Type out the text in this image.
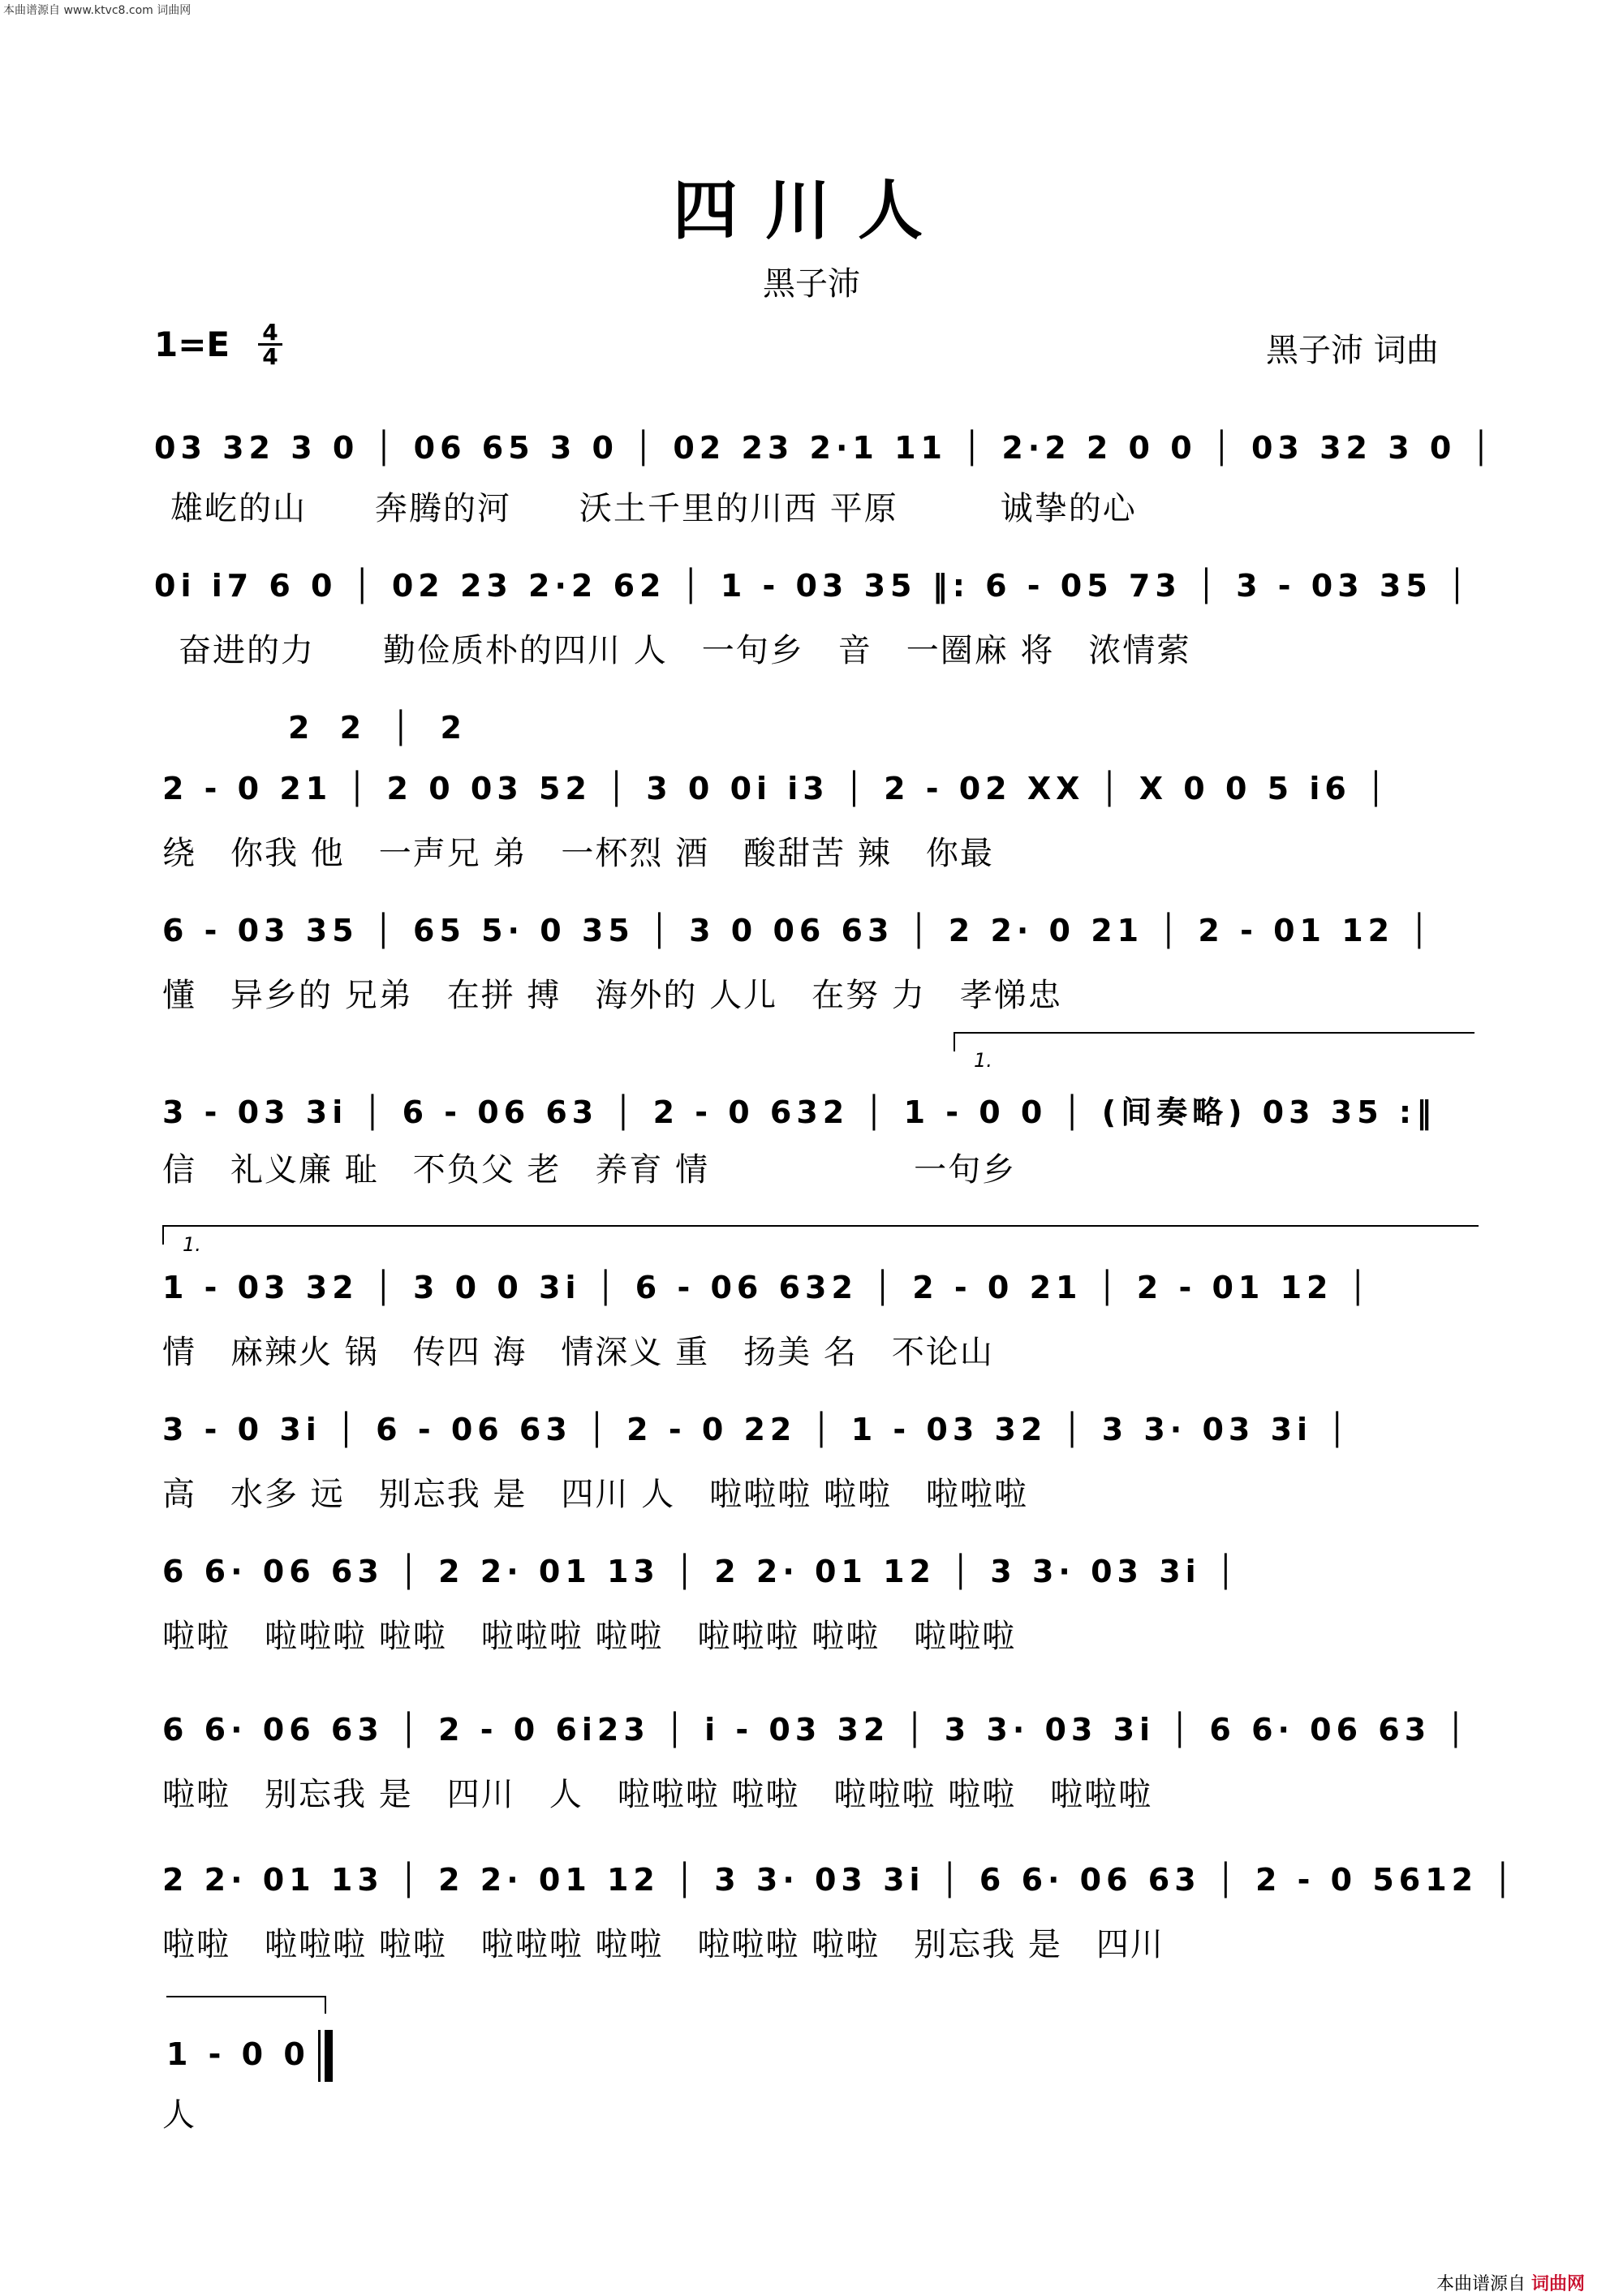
本曲谱源自 www.ktvc8.com 词曲网
四川人
黑子沛
1=E 4
4	黑子沛 词曲
03 32 3 0 │ 06 65 3 0 │ 02 23 2·1 11 │ 2·2 2 0 0 │ 03 32 3 0 │
雄屹的山　　奔腾的河　　沃土千里的川西 平原　　　诚挚的心
0i i7 6 0 │ 02 23 2·2 62 │ 1 - 03 35 ‖: 6 - 05 73 │ 3 - 03 35 │
奋进的力　　勤俭质朴的四川 人　一句乡　音　一圈麻 将　浓情萦
2 2 │ 2
2 - 0 21 │ 2 0 03 52 │ 3 0 0i i3 │ 2 - 02 XX │ X 0 0 5 i6 │
绕　你我 他　一声兄 弟　一杯烈 酒　酸甜苦 辣　你最
6 - 03 35 │ 65 5· 0 35 │ 3 0 06 63 │ 2 2· 0 21 │ 2 - 01 12 │
懂　异乡的 兄弟　在拼 搏　海外的 人儿　在努 力　孝悌忠
1.
3 - 03 3i │ 6 - 06 63 │ 2 - 0 632 │ 1 - 0 0 │ (间奏略) 03 35 :‖
信　礼义廉 耻　不负父 老　养育 情　　　　　　一句乡
1.
1 - 03 32 │ 3 0 0 3i │ 6 - 06 632 │ 2 - 0 21 │ 2 - 01 12 │
情　麻辣火 锅　传四 海　情深义 重　扬美 名　不论山
3 - 0 3i │ 6 - 06 63 │ 2 - 0 22 │ 1 - 03 32 │ 3 3· 03 3i │
高　水多 远　别忘我 是　四川 人　啦啦啦 啦啦　啦啦啦
6 6· 06 63 │ 2 2· 01 13 │ 2 2· 01 12 │ 3 3· 03 3i │
啦啦　啦啦啦 啦啦　啦啦啦 啦啦　啦啦啦 啦啦　啦啦啦
6 6· 06 63 │ 2 - 0 6i23 │ i - 03 32 │ 3 3· 03 3i │ 6 6· 06 63 │
啦啦　别忘我 是　四川　人　啦啦啦 啦啦　啦啦啦 啦啦　啦啦啦
2 2· 01 13 │ 2 2· 01 12 │ 3 3· 03 3i │ 6 6· 06 63 │ 2 - 0 5612 │
啦啦　啦啦啦 啦啦　啦啦啦 啦啦　啦啦啦 啦啦　别忘我 是　四川
1 - 0 0
人
本曲谱源自 词曲网
